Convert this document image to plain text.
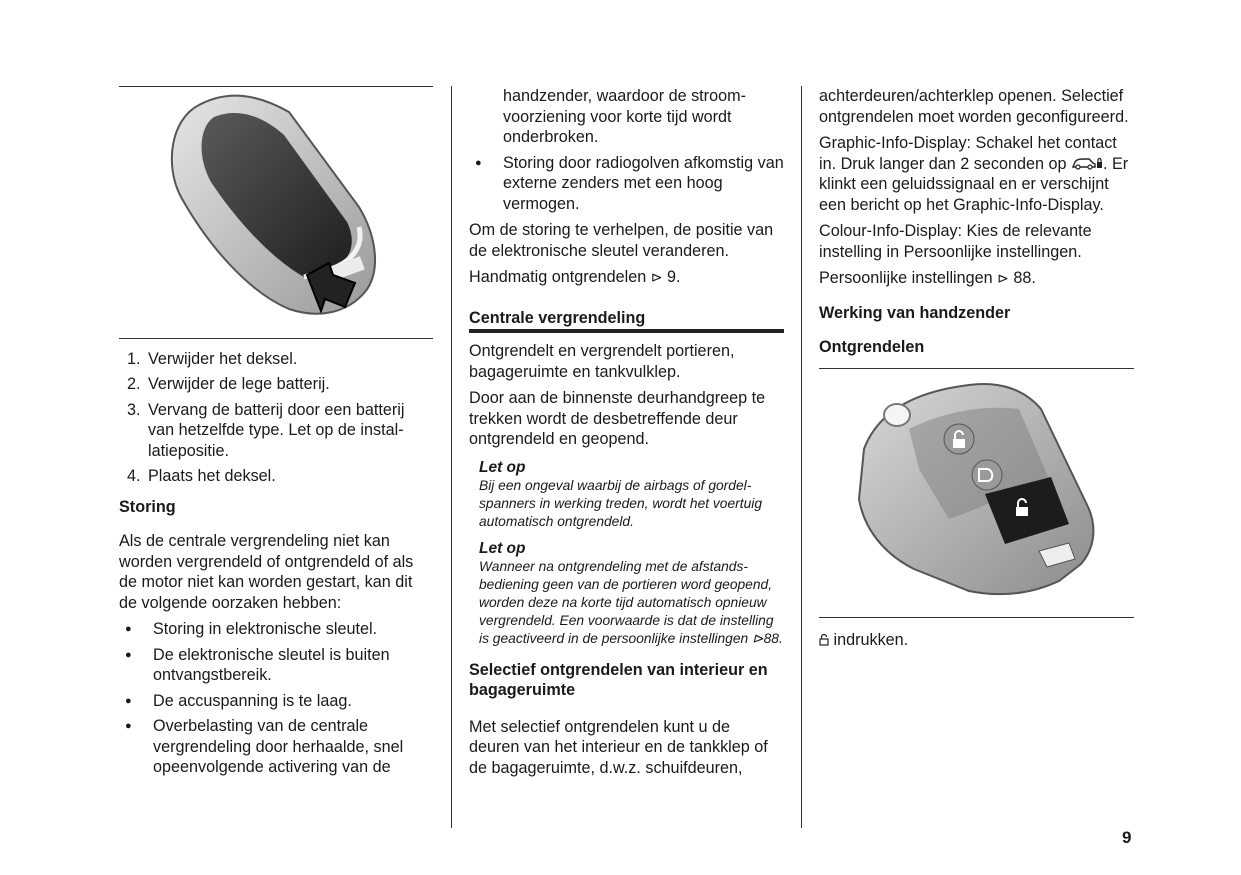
1. Verwijder het deksel.
2. Verwijder de lege batterij.
3. Vervang de batterij door een batterij van hetzelfde type. Let op de installatiepositie.
4. Plaats het deksel.
Storing

Als de centrale vergrendeling niet kan worden vergrendeld of ontgrendeld of als de motor niet kan worden gestart, kan dit de volgende oorzaken hebben:

● Storing in elektronische sleutel.
● De elektronische sleutel is buiten ontvangstbereik.
● De accuspanning is te laag.
● Overbelasting van de centrale vergrendeling door herhaalde, snel opeenvolgende activering van de
handzender, waardoor de stroomvoorziening voor korte tijd wordt onderbroken.
● Storing door radiogolven afkomstig van externe zenders met een hoog vermogen.

Om de storing te verhelpen, de positie van de elektronische sleutel veranderen.

Handmatig ontgrendelen ⊳ 9.

Centrale vergrendeling

Ontgrendelt en vergrendelt portieren, bagageruimte en tankvulklep.

Door aan de binnenste deurhandgreep te trekken wordt de desbetreffende deur ontgrendeld en geopend.

Let op
Bij een ongeval waarbij de airbags of gordelspanners in werking treden, wordt het voertuig automatisch ontgrendeld.
Let op
Wanneer na ontgrendeling met de afstandsbediening geen van de portieren word geopend, worden deze na korte tijd automatisch opnieuw vergrendeld. Een voorwaarde is dat de instelling is geactiveerd in de persoonlijke instellingen ⊳88.
Selectief ontgrendelen van interieur en bagageruimte

Met selectief ontgrendelen kunt u de deuren van het interieur en de tankklep of de bagageruimte, d.w.z. schuifdeuren,

achterdeuren/achterklep openen. Selectief ontgrendelen moet worden geconfigureerd.

Graphic-Info-Display: Schakel het contact in. Druk langer dan 2 seconden op . Er klinkt een geluidssignaal en er verschijnt een bericht op het Graphic-Info-Display.

Colour-Info-Display: Kies de relevante instelling in Persoonlijke instellingen.

Persoonlijke instellingen ⊳ 88.

Werking van handzender
Ontgrendelen

indrukken.

9
